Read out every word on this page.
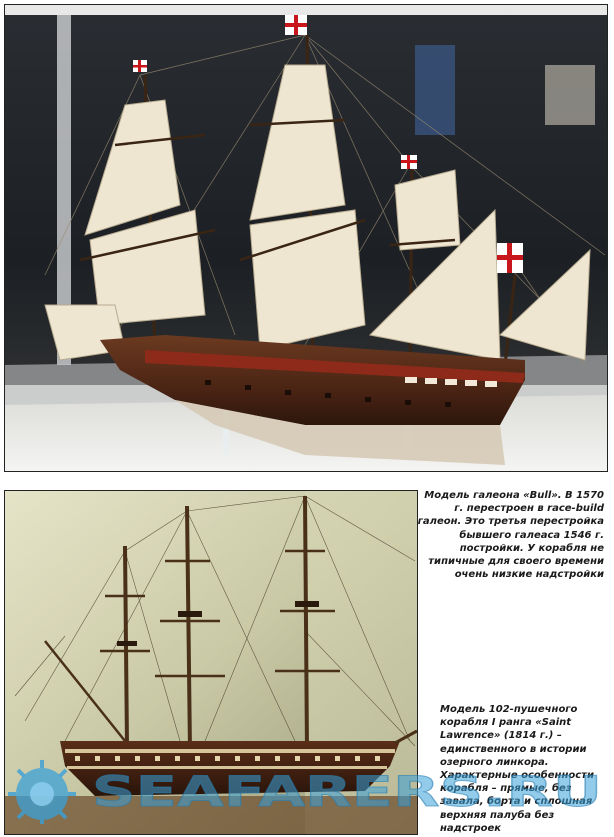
Модель галеона «Bull». В 1570 г. перестроен в race-build галеон. Это третья перестройка бывшего галеаса 1546 г. постройки. У корабля не типичные для своего времени очень низкие надстройки
Модель 102-пушечного корабля I ранга «Saint Lawrence» (1814 г.) – единственного в истории озерного линкора. Характерные особенности корабля – прямые, без завала, борта и сплошная верхняя палуба без надстроек
SEAFARERS.RU
